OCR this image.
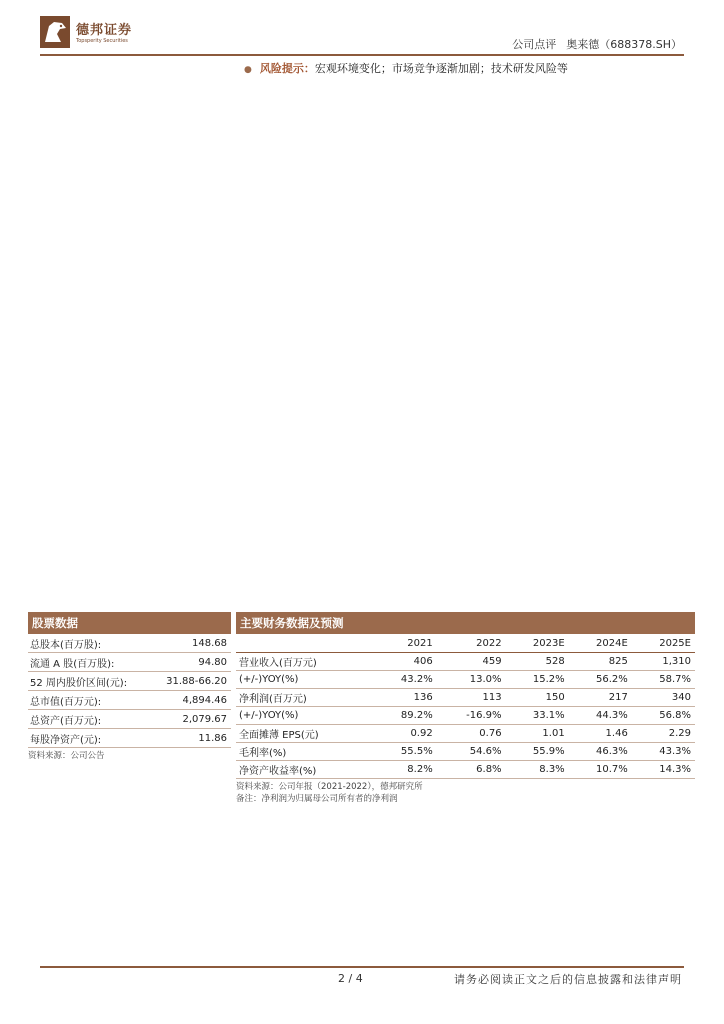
德邦证券
Topsperity Securities	公司点评 奥来德（688378.SH）
● 风险提示：宏观环境变化；市场竞争逐渐加剧；技术研发风险等
股票数据
总股本(百万股):	148.68
流通 A 股(百万股):	94.80
52 周内股价区间(元):	31.88-66.20
总市值(百万元):	4,894.46
总资产(百万元):	2,079.67
每股净资产(元):	11.86
资料来源：公司公告
主要财务数据及预测
	2021	2022	2023E	2024E	2025E
营业收入(百万元)	406	459	528	825	1,310
(+/-)YOY(%)	43.2%	13.0%	15.2%	56.2%	58.7%
净利润(百万元)	136	113	150	217	340
(+/-)YOY(%)	89.2%	-16.9%	33.1%	44.3%	56.8%
全面摊薄 EPS(元)	0.92	0.76	1.01	1.46	2.29
毛利率(%)	55.5%	54.6%	55.9%	46.3%	43.3%
净资产收益率(%)	8.2%	6.8%	8.3%	10.7%	14.3%
资料来源：公司年报（2021-2022），德邦研究所
备注：净利润为归属母公司所有者的净利润
2 / 4	请务必阅读正文之后的信息披露和法律声明
